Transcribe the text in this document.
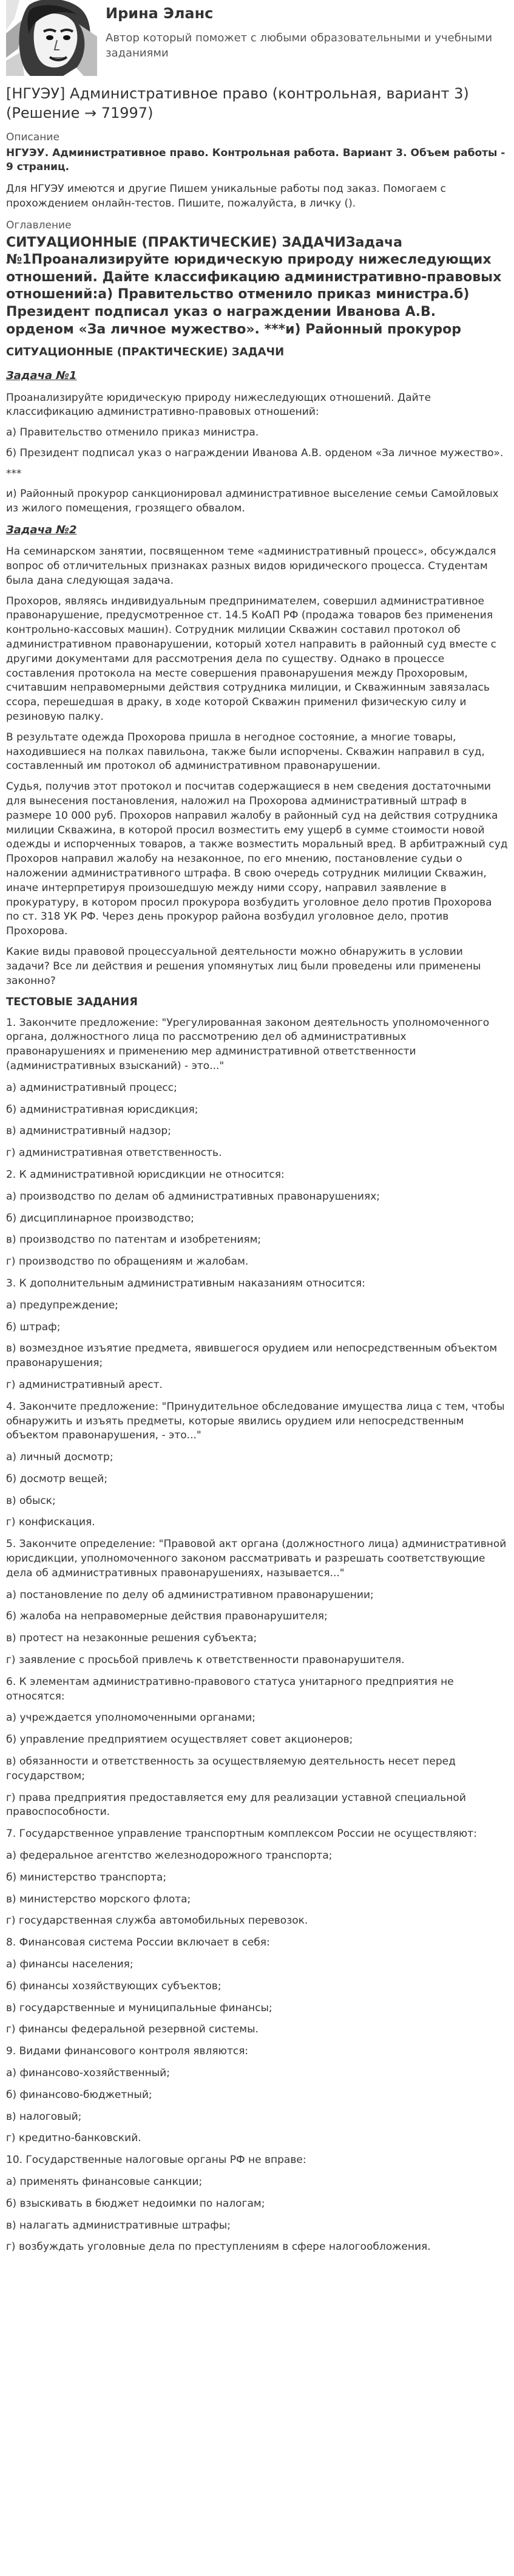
Ирина Эланс
Автор который поможет с любыми образовательными и учебными заданиями
[НГУЭУ] Административное право (контрольная, вариант 3) (Решение → 71997)
Описание
НГУЭУ. Административное право. Контрольная работа. Вариант 3. Объем работы - 9 страниц.

Для НГУЭУ имеются и другие Пишем уникальные работы под заказ. Помогаем с прохождением онлайн-тестов. Пишите, пожалуйста, в личку ().

Оглавление
СИТУАЦИОННЫЕ (ПРАКТИЧЕСКИЕ) ЗАДАЧИЗадача №1Проанализируйте юридическую природу нижеследующих отношений. Дайте классификацию административно-правовых отношений:а) Правительство отменило приказ министра.б) Президент подписал указ о награждении Иванова А.В. орденом «За личное мужество». ***и) Районный прокурор
СИТУАЦИОННЫЕ (ПРАКТИЧЕСКИЕ) ЗАДАЧИ
Задача №1

Проанализируйте юридическую природу нижеследующих отношений. Дайте классификацию административно-правовых отношений:

а) Правительство отменило приказ министра.

б) Президент подписал указ о награждении Иванова А.В. орденом «За личное мужество».

***

и) Районный прокурор санкционировал административное выселение семьи Самойловых из жилого помещения, грозящего обвалом.

Задача №2

На семинарском занятии, посвященном теме «административный процесс», обсуждался вопрос об отличительных признаках разных видов юридического процесса. Студентам была дана следующая задача.

Прохоров, являясь индивидуальным предпринимателем, совершил административное правонарушение, предусмотренное ст. 14.5 КоАП РФ (продажа товаров без применения контрольно-кассовых машин). Сотрудник милиции Скважин составил протокол об административном правонарушении, который хотел направить в районный суд вместе с другими документами для рассмотрения дела по существу. Однако в процессе составления протокола на месте совершения правонарушения между Прохоровым, считавшим неправомерными действия сотрудника милиции, и Скважинным завязалась ссора, перешедшая в драку, в ходе которой Скважин применил физическую силу и резиновую палку.

В результате одежда Прохорова пришла в негодное состояние, а многие товары, находившиеся на полках павильона, также были испорчены. Скважин направил в суд, составленный им протокол об административном правонарушении.

Судья, получив этот протокол и посчитав содержащиеся в нем сведения достаточными для вынесения постановления, наложил на Прохорова административный штраф в размере 10 000 руб. Прохоров направил жалобу в районный суд на действия сотрудника милиции Скважина, в которой просил возместить ему ущерб в сумме стоимости новой одежды и испорченных товаров, а также возместить моральный вред. В арбитражный суд Прохоров направил жалобу на незаконное, по его мнению, постановление судьи о наложении административного штрафа. В свою очередь сотрудник милиции Скважин, иначе интерпретируя произошедшую между ними ссору, направил заявление в прокуратуру, в котором просил прокурора возбудить уголовное дело против Прохорова по ст. 318 УК РФ. Через день прокурор района возбудил уголовное дело, против Прохорова.

Какие виды правовой процессуальной деятельности можно обнаружить в условии задачи? Все ли действия и решения упомянутых лиц были проведены или применены законно?

ТЕСТОВЫЕ ЗАДАНИЯ

1. Закончите предложение: "Урегулированная законом деятельность уполномоченного органа, должностного лица по рассмотрению дел об административных правонарушениях и применению мер административной ответственности (административных взысканий) - это..."

а) административный процесс;

б) административная юрисдикция;

в) административный надзор;

г) административная ответственность.

2. К административной юрисдикции не относится:

а) производство по делам об административных правонарушениях;

б) дисциплинарное производство;

в) производство по патентам и изобретениям;

г) производство по обращениям и жалобам.

3. К дополнительным административным наказаниям относится:

а) предупреждение;

б) штраф;

в) возмездное изъятие предмета, явившегося орудием или непосредственным объектом правонарушения;

г) административный арест.

4. Закончите предложение: "Принудительное обследование имущества лица с тем, чтобы обнаружить и изъять предметы, которые явились орудием или непосредственным объектом правонарушения, - это..."

а) личный досмотр;

б) досмотр вещей;

в) обыск;

г) конфискация.

5. Закончите определение: "Правовой акт органа (должностного лица) административной юрисдикции, уполномоченного законом рассматривать и разрешать соответствующие дела об административных правонарушениях, называется..."

а) постановление по делу об административном правонарушении;

б) жалоба на неправомерные действия правонарушителя;

в) протест на незаконные решения субъекта;

г) заявление с просьбой привлечь к ответственности правонарушителя.

6. К элементам административно-правового статуса унитарного предприятия не относятся:

а) учреждается уполномоченными органами;

б) управление предприятием осуществляет совет акционеров;

в) обязанности и ответственность за осуществляемую деятельность несет перед государством;

г) права предприятия предоставляется ему для реализации уставной специальной правоспособности.

7. Государственное управление транспортным комплексом России не осуществляют:

а) федеральное агентство железнодорожного транспорта;

б) министерство транспорта;

в) министерство морского флота;

г) государственная служба автомобильных перевозок.

8. Финансовая система России включает в себя:

а) финансы населения;

б) финансы хозяйствующих субъектов;

в) государственные и муниципальные финансы;

г) финансы федеральной резервной системы.

9. Видами финансового контроля являются:

а) финансово-хозяйственный;

б) финансово-бюджетный;

в) налоговый;

г) кредитно-банковский.

10. Государственные налоговые органы РФ не вправе:

а) применять финансовые санкции;

б) взыскивать в бюджет недоимки по налогам;

в) налагать административные штрафы;

г) возбуждать уголовные дела по преступлениям в сфере налогообложения.
